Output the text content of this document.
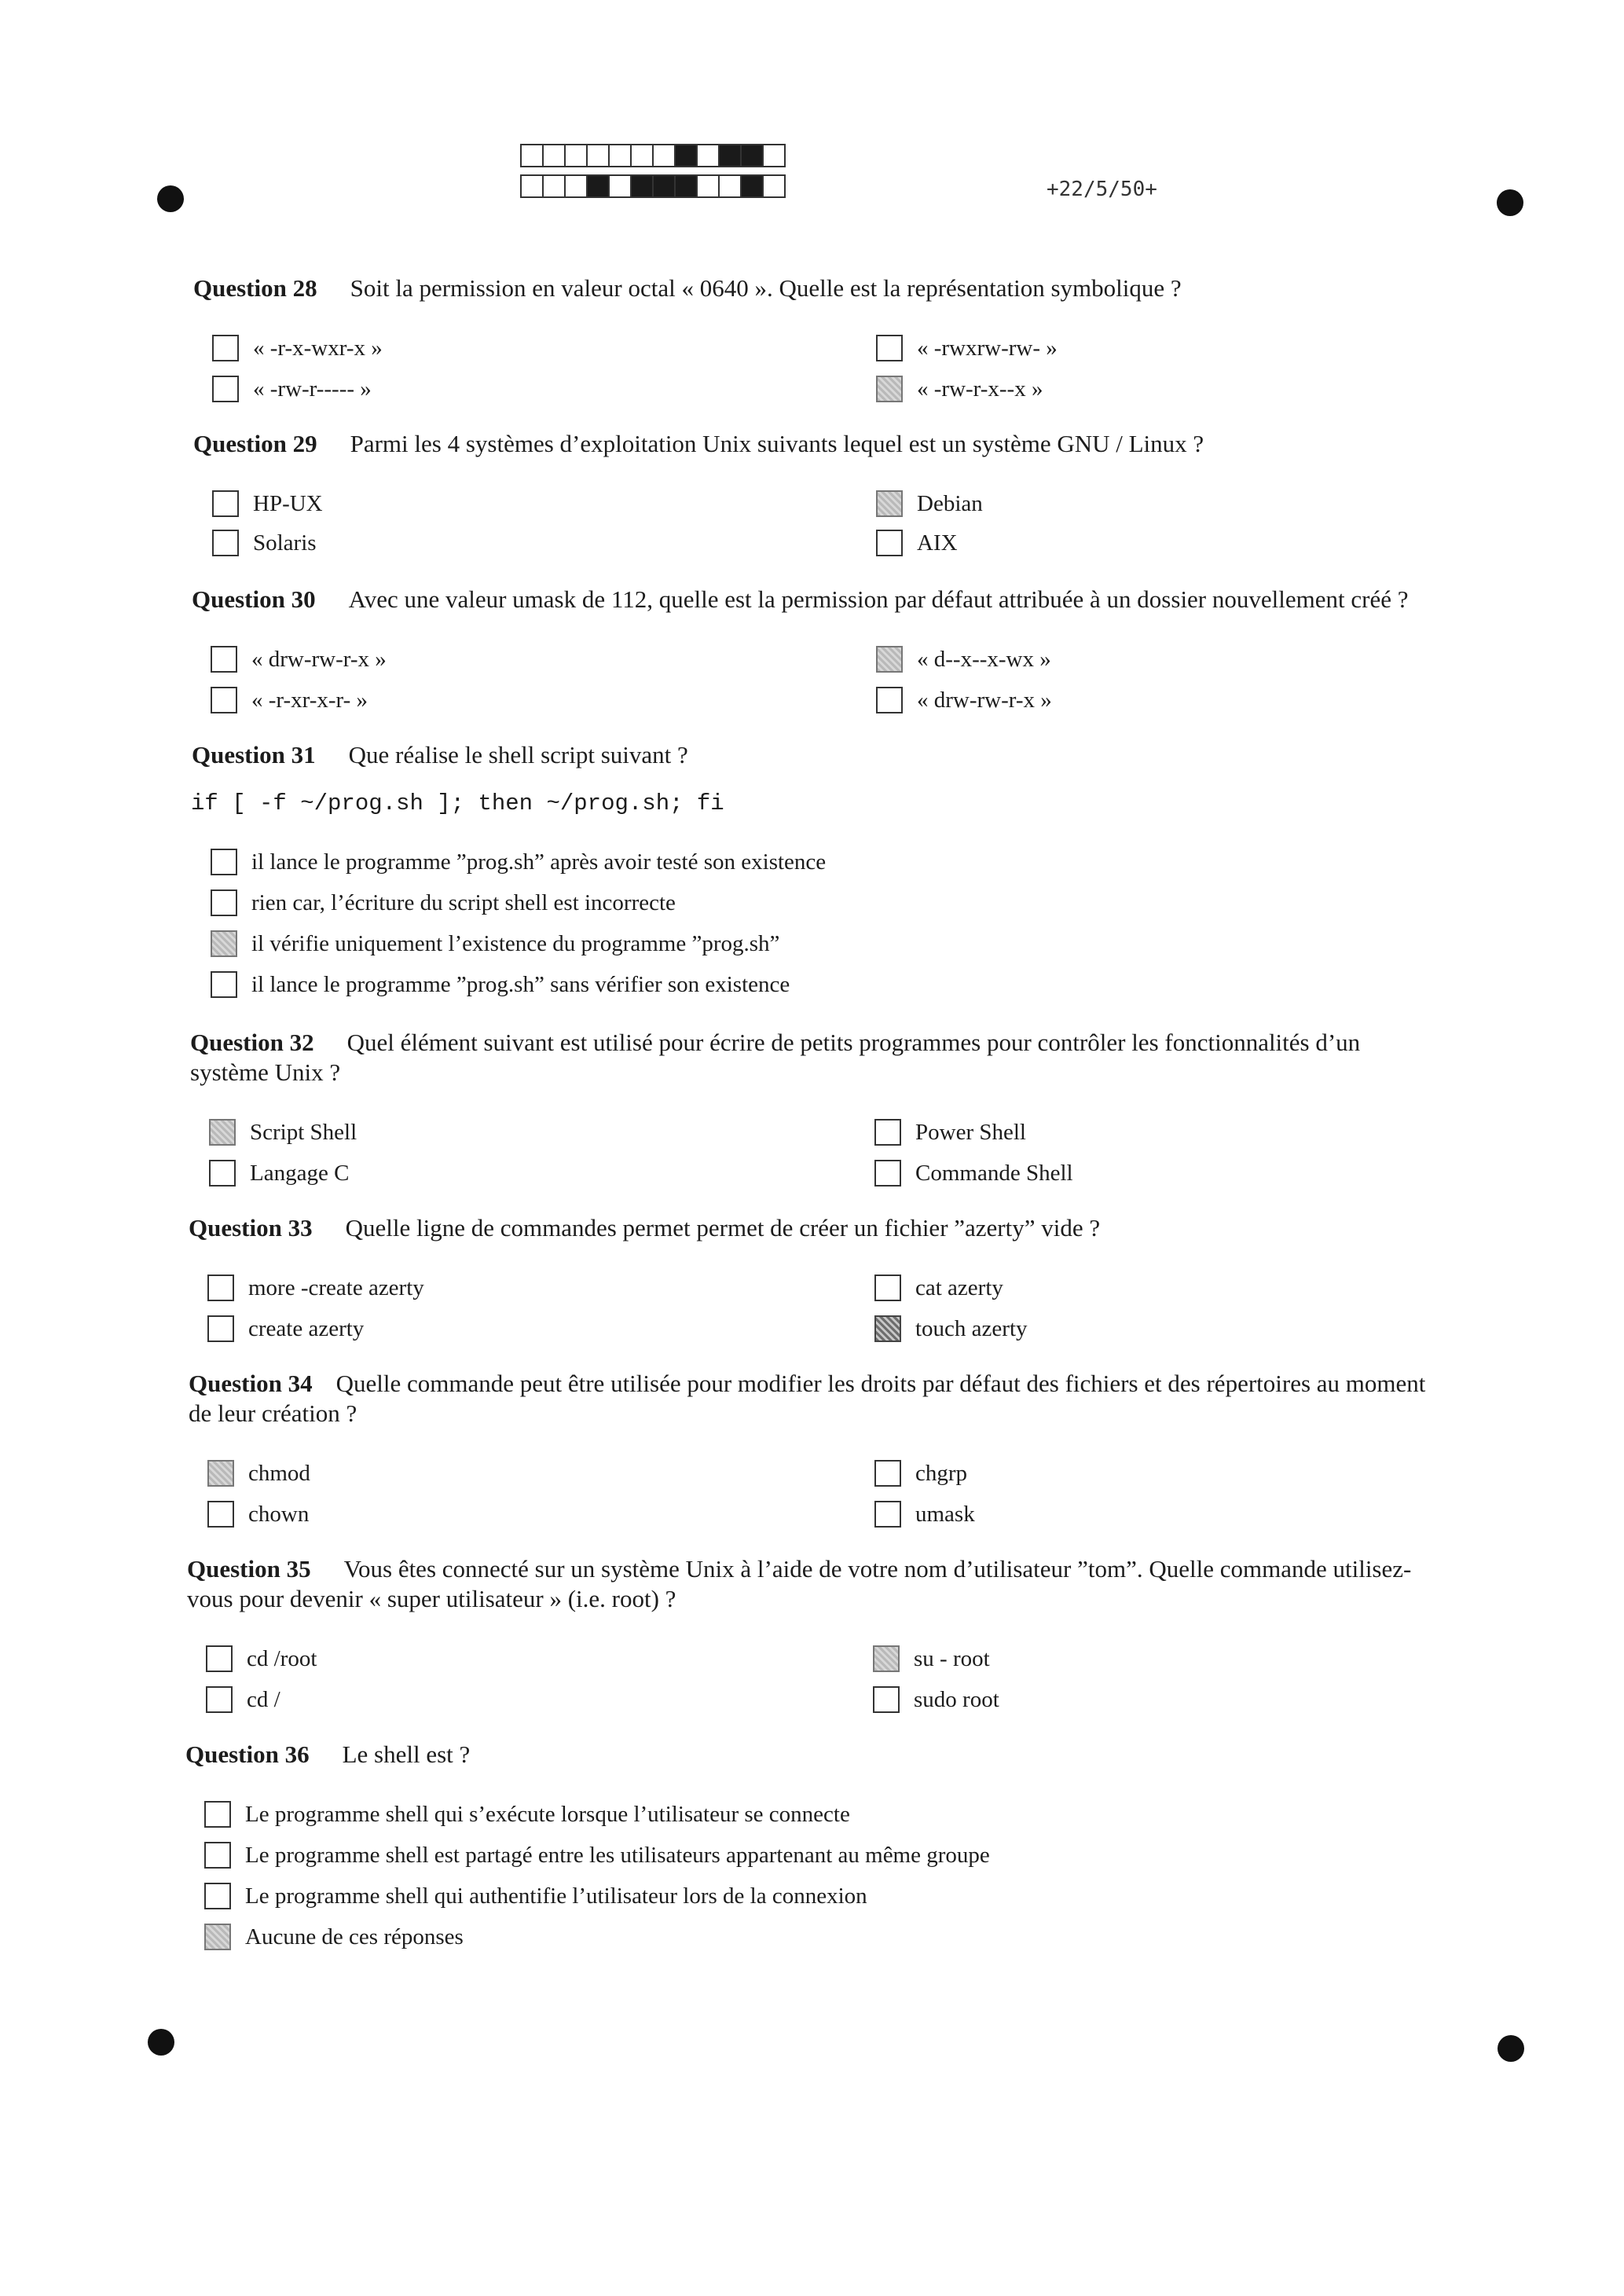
+22/5/50+
Question 28 Soit la permission en valeur octal « 0640 ». Quelle est la représentation symbolique ?
« -r-x-wxr-x »	« -rwxrw-rw- »
« -rw-r----- »	« -rw-r-x--x »
Question 29 Parmi les 4 systèmes d’exploitation Unix suivants lequel est un système GNU / Linux ?
HP-UX	Debian
Solaris	AIX
Question 30 Avec une valeur umask de 112, quelle est la permission par défaut attribuée à un dossier nouvellement créé ?
« drw-rw-r-x »	« d--x--x-wx »
« -r-xr-x-r- »	« drw-rw-r-x »
Question 31 Que réalise le shell script suivant ?
if [ -f ~/prog.sh ]; then ~/prog.sh; fi
il lance le programme ”prog.sh” après avoir testé son existence
rien car, l’écriture du script shell est incorrecte
il vérifie uniquement l’existence du programme ”prog.sh”
il lance le programme ”prog.sh” sans vérifier son existence
Question 32 Quel élément suivant est utilisé pour écrire de petits programmes pour contrôler les fonctionnalités d’un
système Unix ?
Script Shell	Power Shell
Langage C	Commande Shell
Question 33 Quelle ligne de commandes permet permet de créer un fichier ”azerty” vide ?
more -create azerty	cat azerty
create azerty	touch azerty
Question 34 Quelle commande peut être utilisée pour modifier les droits par défaut des fichiers et des répertoires au moment
de leur création ?
chmod	chgrp
chown	umask
Question 35 Vous êtes connecté sur un système Unix à l’aide de votre nom d’utilisateur ”tom”. Quelle commande utilisez-
vous pour devenir « super utilisateur » (i.e. root) ?
cd /root	su - root
cd /	sudo root
Question 36 Le shell est ?
Le programme shell qui s’exécute lorsque l’utilisateur se connecte
Le programme shell est partagé entre les utilisateurs appartenant au même groupe
Le programme shell qui authentifie l’utilisateur lors de la connexion
Aucune de ces réponses
